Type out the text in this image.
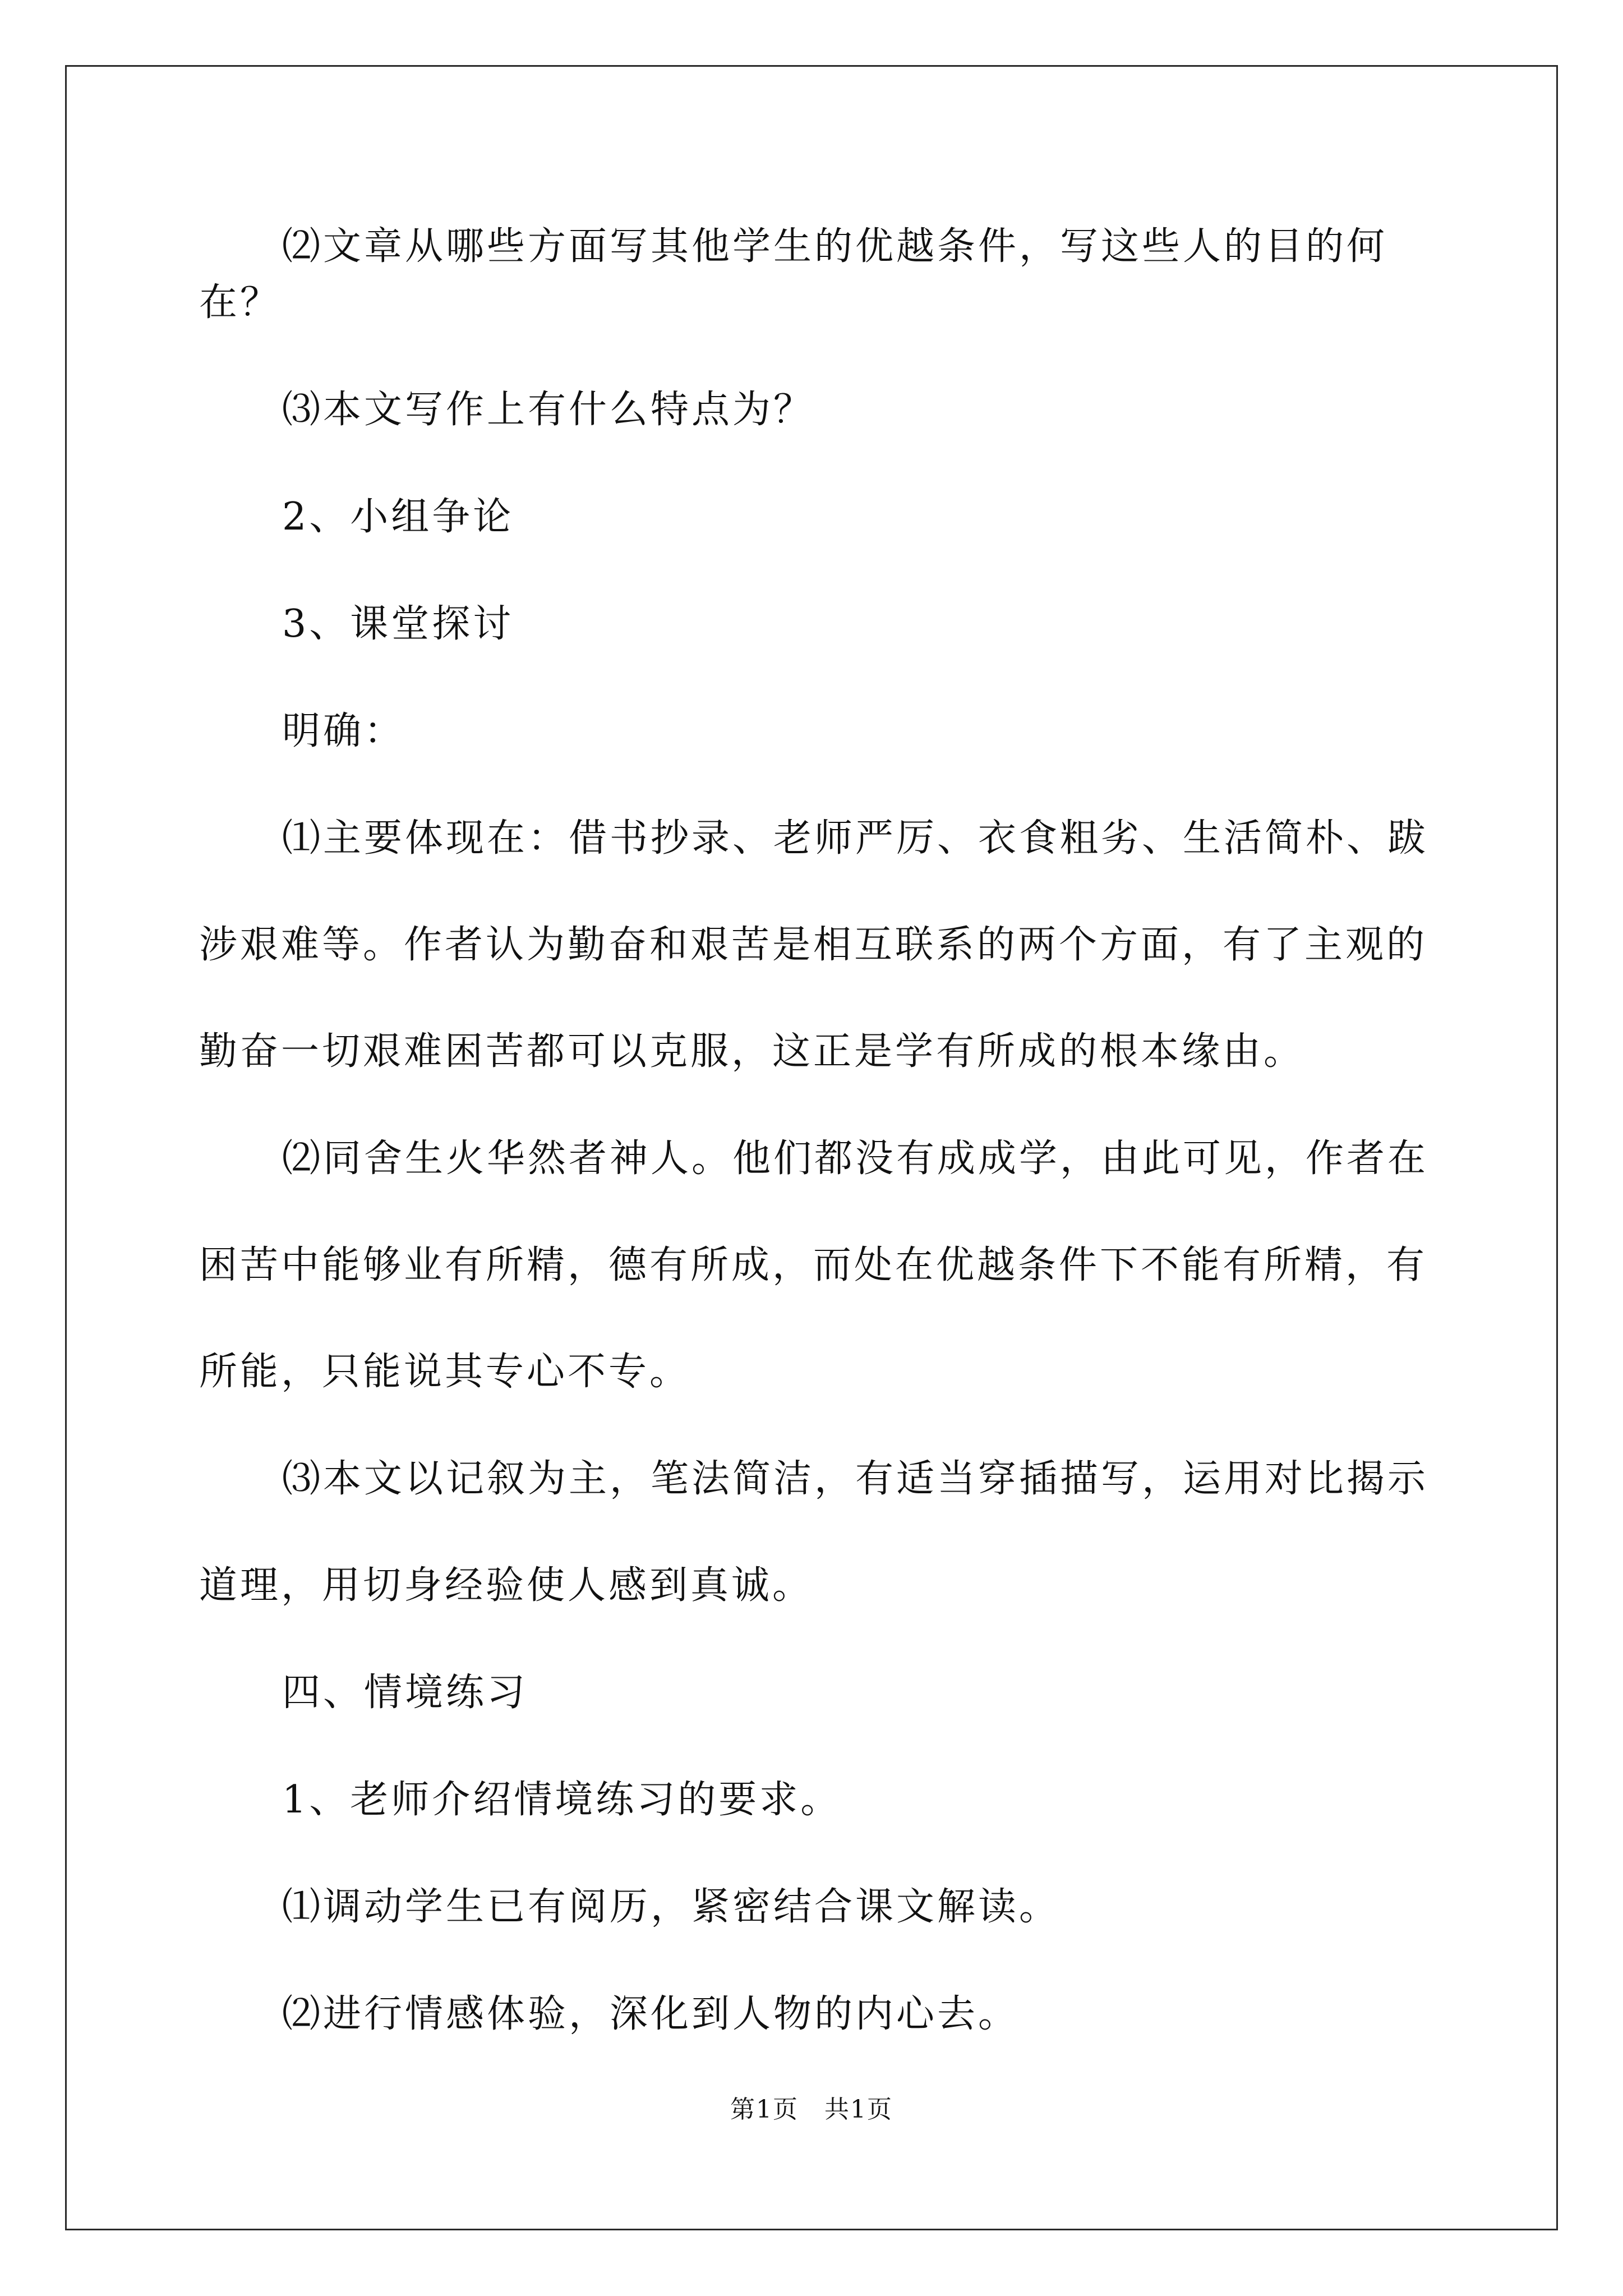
⑵文章从哪些方面写其他学生的优越条件，写这些人的目的何在？

⑶本文写作上有什么特点为？

2、小组争论

3、课堂探讨

明确：

⑴主要体现在：借书抄录、老师严厉、衣食粗劣、生活简朴、跋涉艰难等。作者认为勤奋和艰苦是相互联系的两个方面，有了主观的勤奋一切艰难困苦都可以克服，这正是学有所成的根本缘由。

⑵同舍生火华然者神人。他们都没有成成学，由此可见，作者在困苦中能够业有所精，德有所成，而处在优越条件下不能有所精，有所能，只能说其专心不专。

⑶本文以记叙为主，笔法简洁，有适当穿插描写，运用对比揭示道理，用切身经验使人感到真诚。

四、情境练习

1、老师介绍情境练习的要求。

⑴调动学生已有阅历，紧密结合课文解读。

⑵进行情感体验，深化到人物的内心去。

第1页 共1页
